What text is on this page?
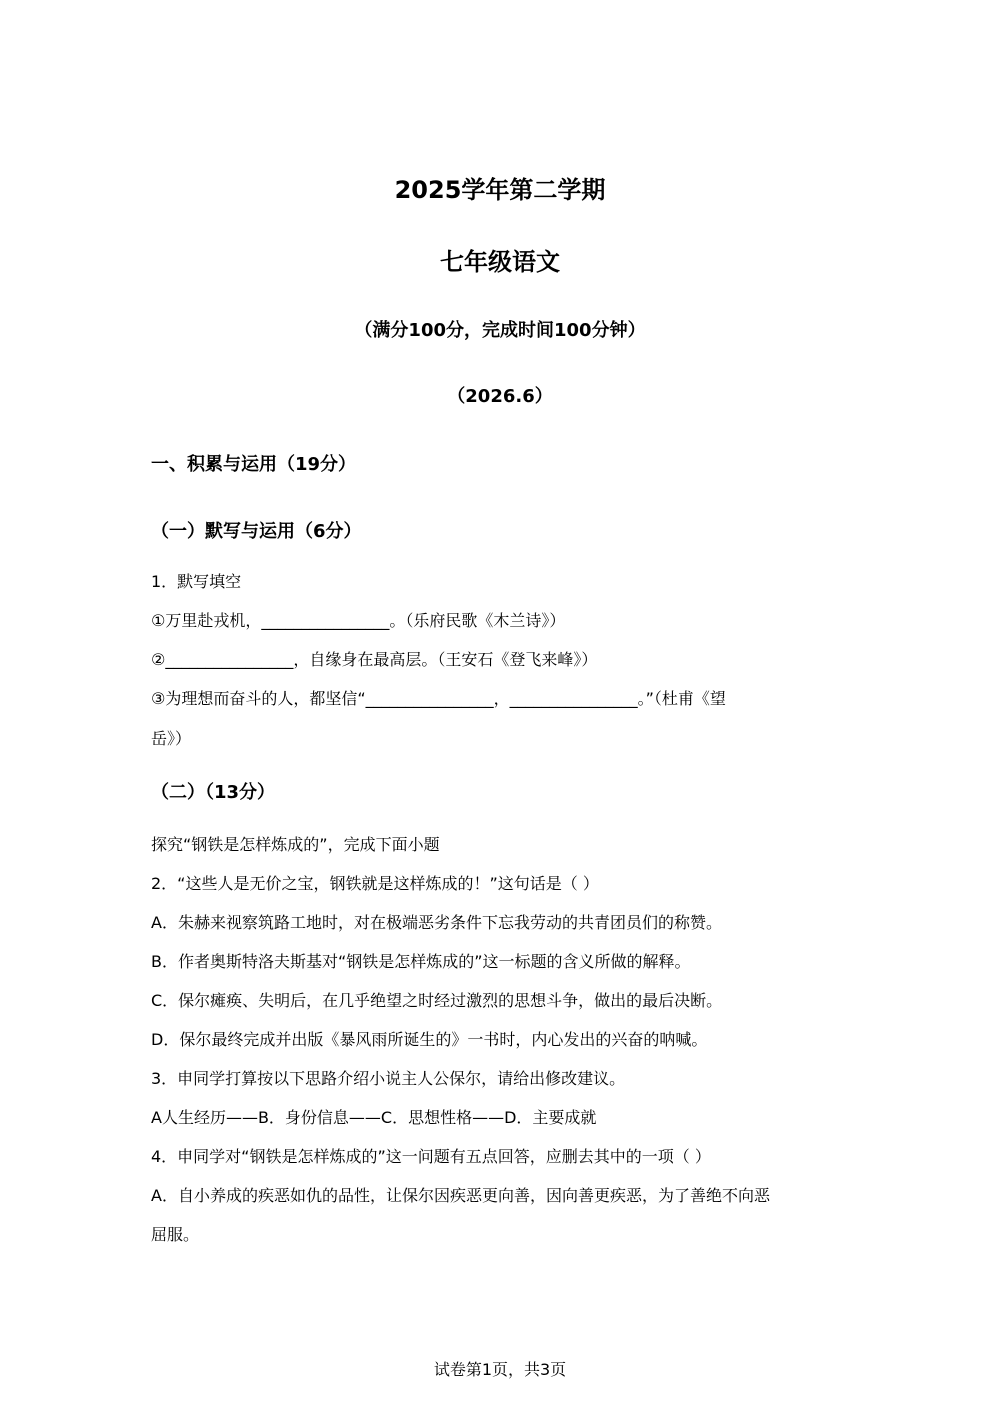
2025学年第二学期
七年级语文
（满分100分，完成时间100分钟）
（2026.6）
一、积累与运用（19分）
（一）默写与运用（6分）
1．默写填空
①万里赴戎机，________________。（乐府民歌《木兰诗》）
②________________，自缘身在最高层。（王安石《登飞来峰》）
③为理想而奋斗的人，都坚信“________________，________________。”（杜甫《望
岳》）
（二）（13分）
探究“钢铁是怎样炼成的”，完成下面小题
2．“这些人是无价之宝，钢铁就是这样炼成的！”这句话是（ ）
A．朱赫来视察筑路工地时，对在极端恶劣条件下忘我劳动的共青团员们的称赞。
B．作者奥斯特洛夫斯基对“钢铁是怎样炼成的”这一标题的含义所做的解释。
C．保尔瘫痪、失明后，在几乎绝望之时经过激烈的思想斗争，做出的最后决断。
D．保尔最终完成并出版《暴风雨所诞生的》一书时，内心发出的兴奋的呐喊。
3．申同学打算按以下思路介绍小说主人公保尔，请给出修改建议。
A人生经历——B．身份信息——C．思想性格——D．主要成就
4．申同学对“钢铁是怎样炼成的”这一问题有五点回答，应删去其中的一项（ ）
A．自小养成的疾恶如仇的品性，让保尔因疾恶更向善，因向善更疾恶，为了善绝不向恶
屈服。
试卷第1页，共3页
